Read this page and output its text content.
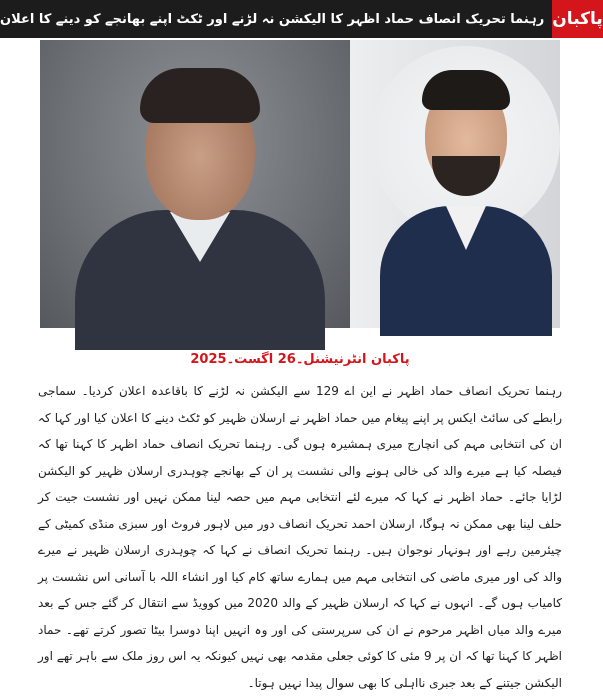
رہنما تحریک انصاف حماد اظہر کا الیکشن نہ لڑنے اور ٹکٹ اپنے بھانجے کو دینے کا اعلان پاکبان
پاکبان انٹرنیشنل۔26 اگست۔2025

رہنما تحریک انصاف حماد اظہر نے این اے 129 سے الیکشن نہ لڑنے کا باقاعدہ اعلان کردیا۔ سماجی رابطے کی سائٹ ایکس پر اپنے پیغام میں حماد اظہر نے ارسلان ظہیر کو ٹکٹ دینے کا اعلان کیا اور کہا کہ ان کی انتخابی مہم کی انچارج میری ہمشیرہ ہوں گی۔ رہنما تحریک انصاف حماد اظہر کا کہنا تھا کہ فیصلہ کیا ہے میرے والد کی خالی ہونے والی نشست پر ان کے بھانجے چوہدری ارسلان ظہیر کو الیکشن لڑایا جائے۔ حماد اظہر نے کہا کہ میرے لئے انتخابی مہم میں حصہ لینا ممکن نہیں اور نشست جیت کر حلف لینا بھی ممکن نہ ہوگا، ارسلان احمد تحریک انصاف دور میں لاہور فروٹ اور سبزی منڈی کمیٹی کے چیئرمین رہے اور ہونہار نوجوان ہیں۔ رہنما تحریک انصاف نے کہا کہ چوہدری ارسلان ظہیر نے میرے والد کی اور میری ماضی کی انتخابی مہم میں ہمارے ساتھ کام کیا اور انشاء اللہ با آسانی اس نشست پر کامیاب ہوں گے۔ انہوں نے کہا کہ ارسلان ظہیر کے والد 2020 میں کوویڈ سے انتقال کر گئے جس کے بعد میرے والد میاں اظہر مرحوم نے ان کی سرپرستی کی اور وہ انہیں اپنا دوسرا بیٹا تصور کرتے تھے۔ حماد اظہر کا کہنا تھا کہ ان پر 9 مئی کا کوئی جعلی مقدمہ بھی نہیں کیونکہ یہ اس روز ملک سے باہر تھے اور الیکشن جیتنے کے بعد جبری نااہلی کا بھی سوال پیدا نہیں ہوتا۔
